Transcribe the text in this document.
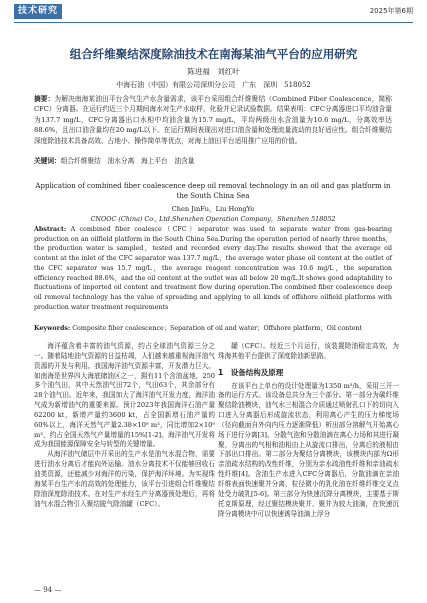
技术研究	2025年第6期
组合纤维聚结深度除油技术在南海某油气平台的应用研究
陈进福　刘红叶
中海石油（中国）有限公司深圳分公司　广东　深圳　518052
摘要：为解决南海某油田平台含气生产水含量需求，该平台采用组合纤维聚结（Combined Fiber Coalescence，简称CFC）分离器。在运行约近三个月期间海水对生产水取样，化验并记录试验数据。结果表明：CFC分离器进口平均油含量为137.7 mg/L，CFC分离器出口水相中均油含量为15.7 mg/L，平均两级出水含油量为10.6 mg/L，分离效率达88.6%，且出口油含量均在20 mg/L以下。在运行期间表现出对进口油含量和处理流量波动的良好适应性。组合纤维聚结深度除油技术具备高效、占地小、操作简单等优点，对海上油田平台适用推广应用的价值。
关键词：组合纤维聚结　油水分离　海上平台　油含量
Application of combined fiber coalescence deep oil removal technology in an oil and gas platform in the South China Sea
Chen JinFu，Liu HongYe
CNOOC (China) Co., Ltd.Shenzhen Operation Company，Shenzhen 518052
Abstract: A combined fiber coalesce（CFC）separator was used to separate water from gas-bearing production on an oilfield platform in the South China Sea.During the operation period of nearly three months，the production water is sampled，tested and recorded every day.The results showed that the average oil content at the inlet of the CFC separator was 137.7 mg/L，the average water phase oil content at the outlet of the CFC separator was 15.7 mg/L，the average reagent concentration was 10.6 mg/L，the separation efficiency reached 88.6%，and the oil content at the outlet was all below 20 mg/L.It shows good adaptability to fluctuations of imported oil content and treatment flow during operation.The combined fiber coalescence deep oil removal technology has the value of spreading and applying to all kinds of offshore oilfield platforms with production water treatment requirements
Keywords: Composite fiber coalescence；Separation of oil and water；Offshore platform；Oil content

海洋蕴含着丰富的油气资源，约占全球油气资源三分之一。随着陆地油气资源的日益枯竭，人们越来越重视海洋油气资源的开发与利用。我国海洋油气资源丰富，开发潜力巨大。如南海是世界四大海底储油区之一，拥有11个含油盆地，250多个油气田，其中天然油气田72个，气田63个，其余部分有28个油气田。近年来，我国加大了海洋油气开发力度，海洋油气成为新增油气的重要来源。预计2023年我国海洋石油产量62200 kt，新增产量约3600 kt，占全国新增石油产量的60%以上，海洋天然气产量2.38×10⁹ m³，同比增加2×10⁹ m³，约占全国天然气产量增量的15%[1-2]。海洋油气开发将成为我国能源保障安全与转型的关键增量。

从海洋油气储层中开采出的生产水是油气水混合物，需要进行油水分离后才能向外运输。油水分离技术不仅能够回收石油类资源，还能减少对海洋的污染，保护海洋环境。为实现珠海某平台生产水的高效的处理能力，该平台引进组合纤维聚结除油深度除油技术。在对生产水经生产分离器预处理后，再将油气水混合物引入聚结脱气除油罐（CFC）。

罐（CFC）。经近三个月运行，该装置除油稳定高效，为珠海其他平台提供了深度除油新思路。

1　设备结构及原理

在该平台上单台的设计处理量为1350 m³/h，采用三开一备的运行方式。该设备总共分为三个部分。第一部分为碳纤维聚结除油模块，油气水三相混合介质通过喷射孔口下的切向入口进入分离器后形成旋流状态，利用离心产生的压力梯度场（径向截面自外向内压力逐渐降低）析出部分溶解气开始离心场下进行分离[3]。分散气泡和分散油滴在离心力场和其进行凝聚，分离出的气相和油相由上从旋流口排出，分离后的液相由下部出口排出。第二部分为聚结分离模块，该模块内部为Ω形亲油疏水结构的改性纤维，分别为亲水疏油性纤维和亲油疏水性纤维[4]。含油生产水进入CFC分离器后，分散油滴在亲油纤维表面快速聚并分离，粒径微小的乳化油在纤维纤维交叉点处受力破乳[5-6]。第三部分为快速沉降分离模块，主要基于斯托克斯原理，经过聚结模块聚并、聚并为较大油滴，在快速沉降分离模块中可以快速诱导油滴上浮分

— 94 —
